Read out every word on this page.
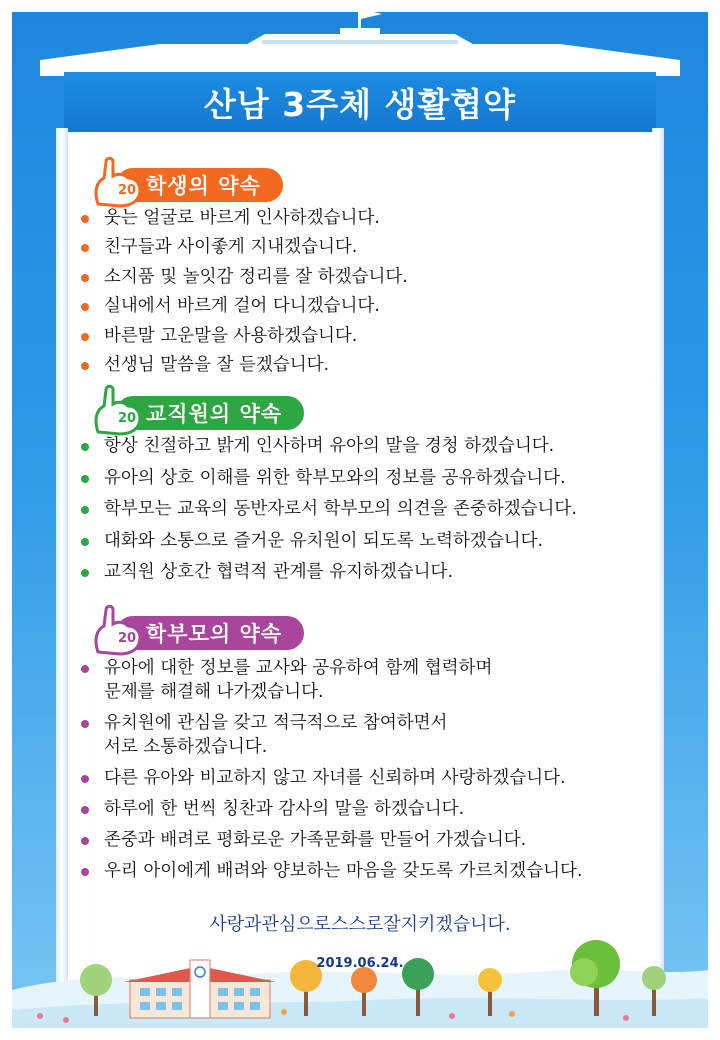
산남 3주체 생활협약
학생의 약속
20
웃는 얼굴로 바르게 인사하겠습니다.
친구들과 사이좋게 지내겠습니다.
소지품 및 놀잇감 정리를 잘 하겠습니다.
실내에서 바르게 걸어 다니겠습니다.
바른말 고운말을 사용하겠습니다.
선생님 말씀을 잘 듣겠습니다.
교직원의 약속
20
항상 친절하고 밝게 인사하며 유아의 말을 경청 하겠습니다.
유아의 상호 이해를 위한 학부모와의 정보를 공유하겠습니다.
학부모는 교육의 동반자로서 학부모의 의견을 존중하겠습니다.
대화와 소통으로 즐거운 유치원이 되도록 노력하겠습니다.
교직원 상호간 협력적 관계를 유지하겠습니다.
학부모의 약속
20
유아에 대한 정보를 교사와 공유하여 함께 협력하며
문제를 해결해 나가겠습니다.
유치원에 관심을 갖고 적극적으로 참여하면서
서로 소통하겠습니다.
다른 유아와 비교하지 않고 자녀를 신뢰하며 사랑하겠습니다.
하루에 한 번씩 칭찬과 감사의 말을 하겠습니다.
존중과 배려로 평화로운 가족문화를 만들어 가겠습니다.
우리 아이에게 배려와 양보하는 마음을 갖도록 가르치겠습니다.
사랑과관심으로스스로잘지키겠습니다.
2019.06.24.
